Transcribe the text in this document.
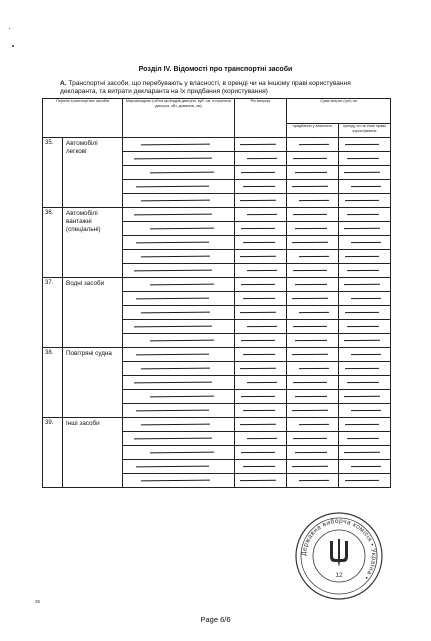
Розділ IV. Відомості про транспортні засоби
А. Транспортні засоби, що перебувають у власності, в оренді чи на іншому праві користування декларанта, та витрати декларанта на їх придбання (користування)
Перелік транспортних засобів		Марка/модель (об'єм циліндрів двигуна, куб. см, потужність двигуна, кВт, довжина, см)	Рік випуску	Сума витрат (грн) на	
				придбання у власність	оренду чи на інше право користування
35.	Автомобілі легкові	

36.	Автомобілі вантажні (спеціальні)	

37.	Водні засоби	

38.	Повітряні судна	

39.	Інші засоби	

35
Page 6/6
Державна виборча комісія • Україна •
12
